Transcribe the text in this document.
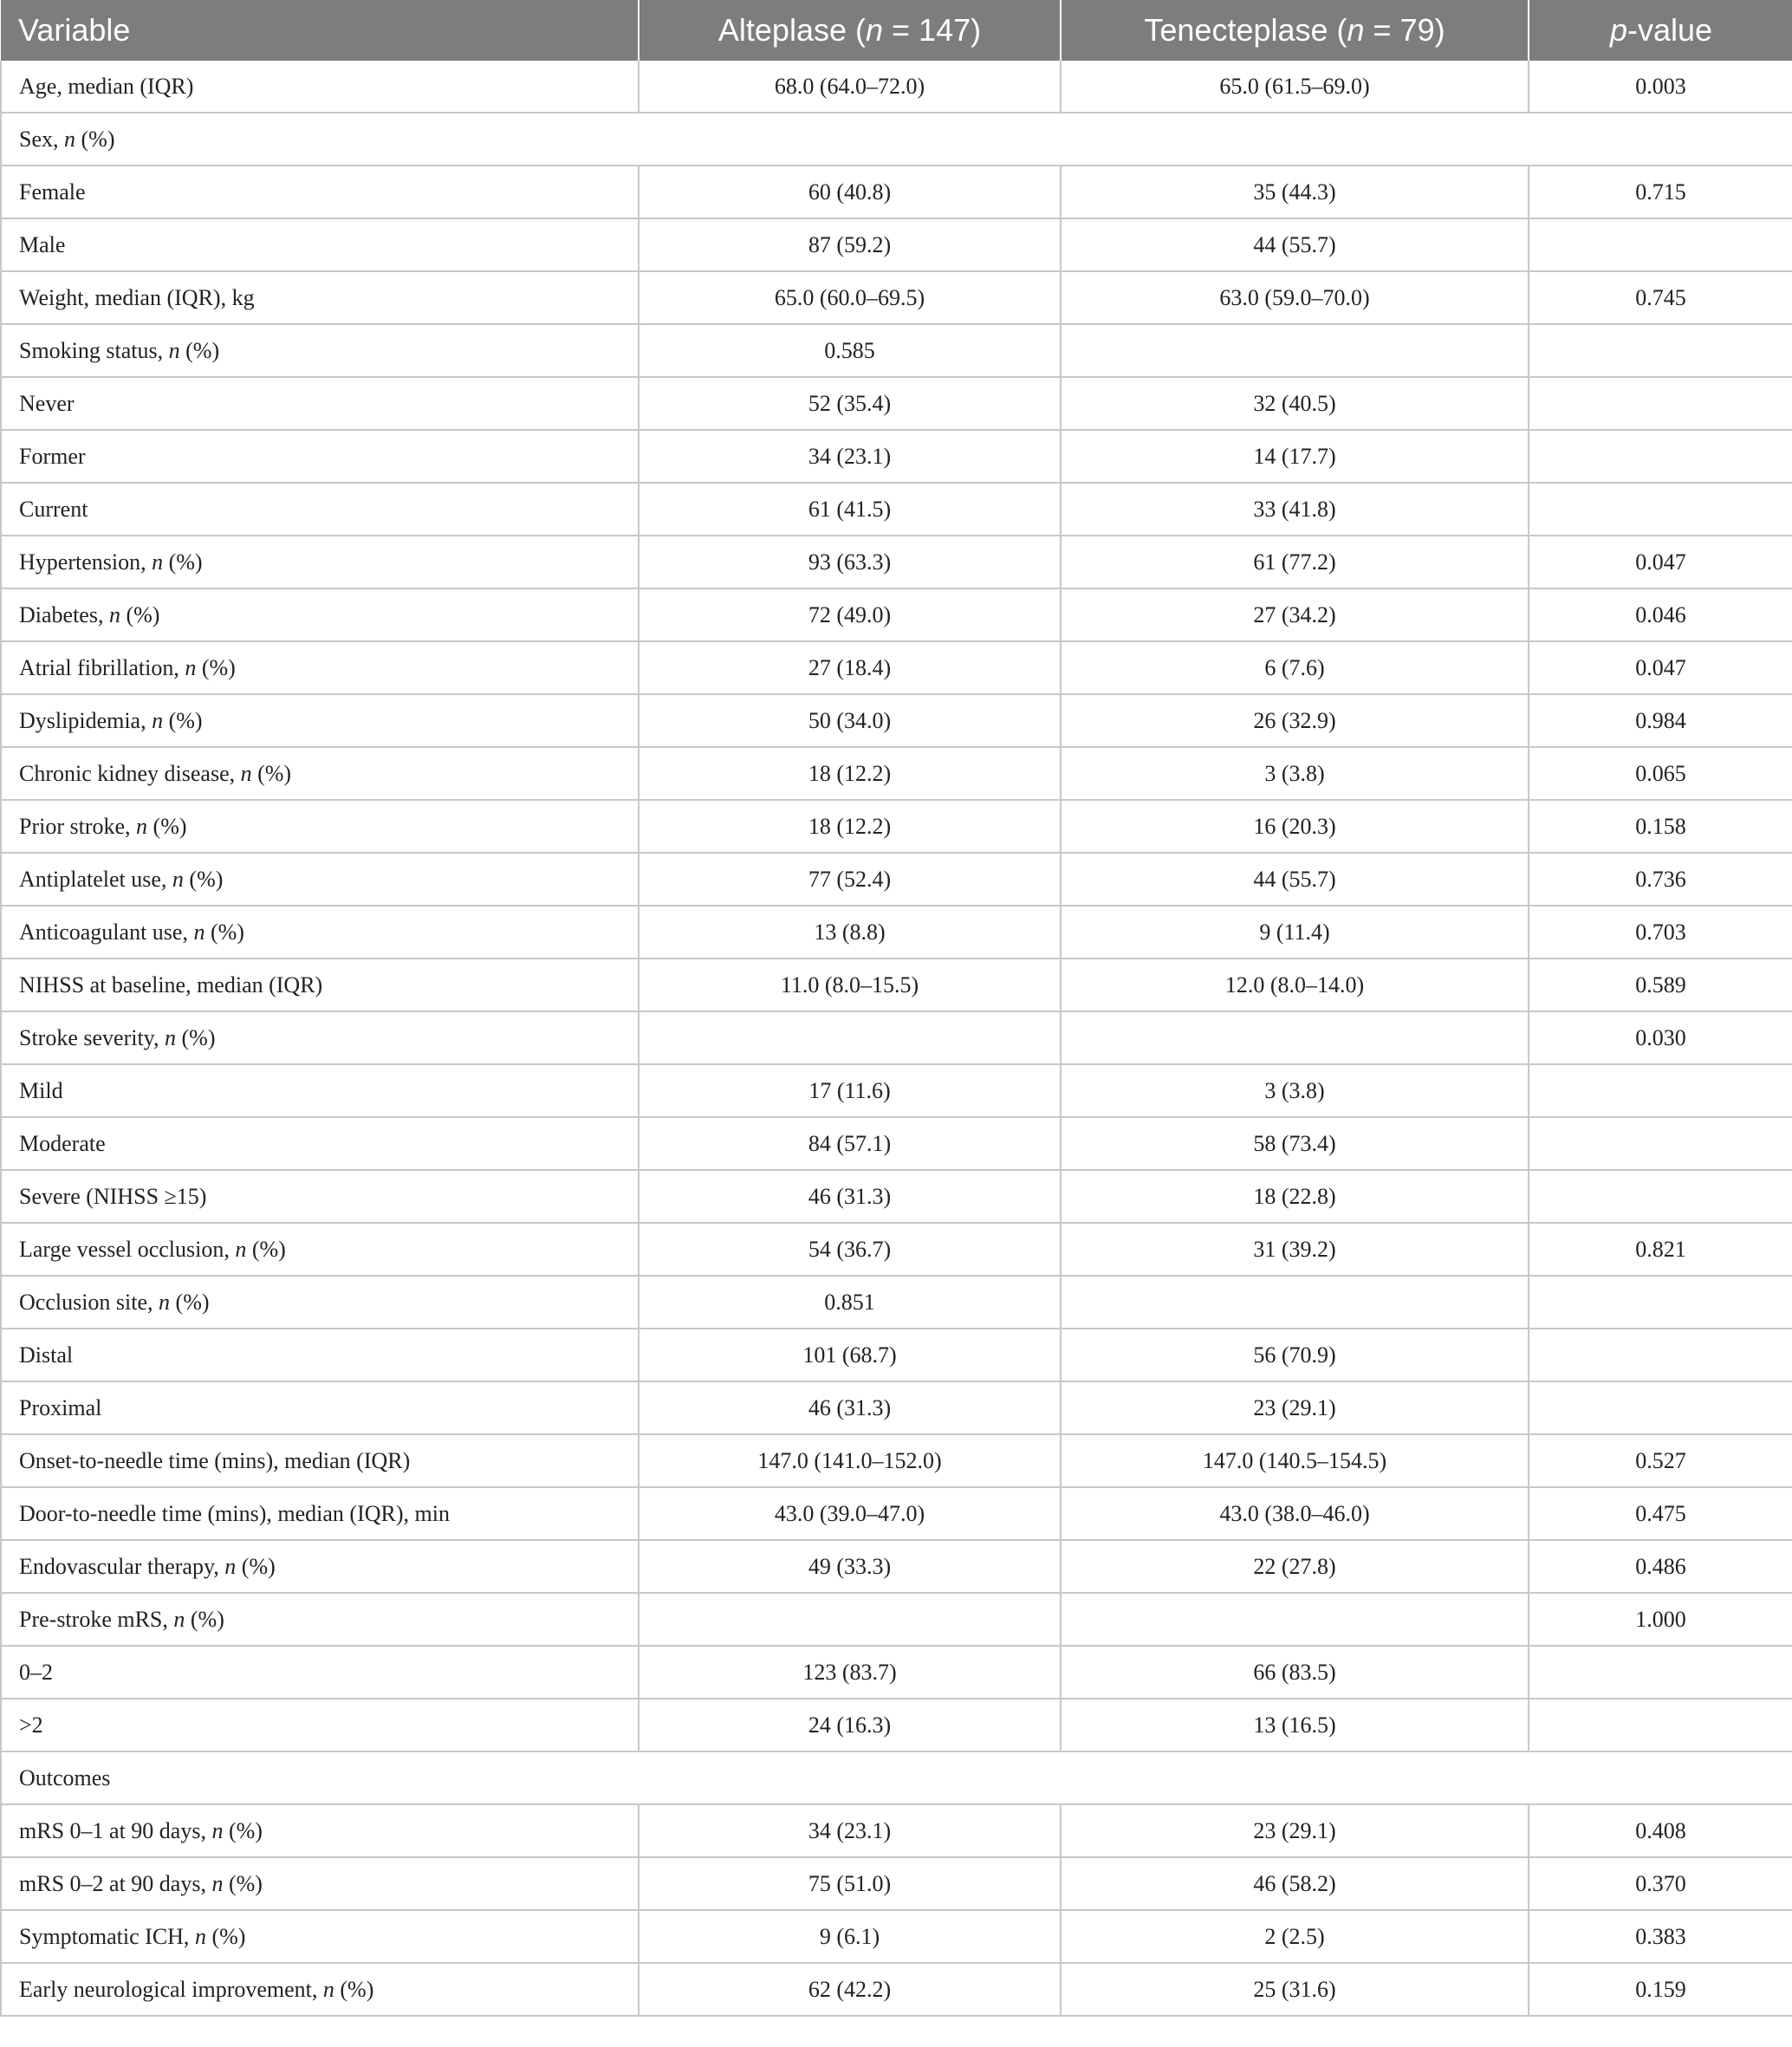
Variable	Alteplase (n = 147)	Tenecteplase (n = 79)	p-value
Age, median (IQR)	68.0 (64.0–72.0)	65.0 (61.5–69.0)	0.003
Sex, n (%)			
Female	60 (40.8)	35 (44.3)	0.715
Male	87 (59.2)	44 (55.7)	
Weight, median (IQR), kg	65.0 (60.0–69.5)	63.0 (59.0–70.0)	0.745
Smoking status, n (%)	0.585		
Never	52 (35.4)	32 (40.5)	
Former	34 (23.1)	14 (17.7)	
Current	61 (41.5)	33 (41.8)	
Hypertension, n (%)	93 (63.3)	61 (77.2)	0.047
Diabetes, n (%)	72 (49.0)	27 (34.2)	0.046
Atrial fibrillation, n (%)	27 (18.4)	6 (7.6)	0.047
Dyslipidemia, n (%)	50 (34.0)	26 (32.9)	0.984
Chronic kidney disease, n (%)	18 (12.2)	3 (3.8)	0.065
Prior stroke, n (%)	18 (12.2)	16 (20.3)	0.158
Antiplatelet use, n (%)	77 (52.4)	44 (55.7)	0.736
Anticoagulant use, n (%)	13 (8.8)	9 (11.4)	0.703
NIHSS at baseline, median (IQR)	11.0 (8.0–15.5)	12.0 (8.0–14.0)	0.589
Stroke severity, n (%)			0.030
Mild	17 (11.6)	3 (3.8)	
Moderate	84 (57.1)	58 (73.4)	
Severe (NIHSS ≥15)	46 (31.3)	18 (22.8)	
Large vessel occlusion, n (%)	54 (36.7)	31 (39.2)	0.821
Occlusion site, n (%)	0.851		
Distal	101 (68.7)	56 (70.9)	
Proximal	46 (31.3)	23 (29.1)	
Onset-to-needle time (mins), median (IQR)	147.0 (141.0–152.0)	147.0 (140.5–154.5)	0.527
Door-to-needle time (mins), median (IQR), min	43.0 (39.0–47.0)	43.0 (38.0–46.0)	0.475
Endovascular therapy, n (%)	49 (33.3)	22 (27.8)	0.486
Pre-stroke mRS, n (%)			1.000
0–2	123 (83.7)	66 (83.5)	
>2	24 (16.3)	13 (16.5)	
Outcomes			
mRS 0–1 at 90 days, n (%)	34 (23.1)	23 (29.1)	0.408
mRS 0–2 at 90 days, n (%)	75 (51.0)	46 (58.2)	0.370
Symptomatic ICH, n (%)	9 (6.1)	2 (2.5)	0.383
Early neurological improvement, n (%)	62 (42.2)	25 (31.6)	0.159
